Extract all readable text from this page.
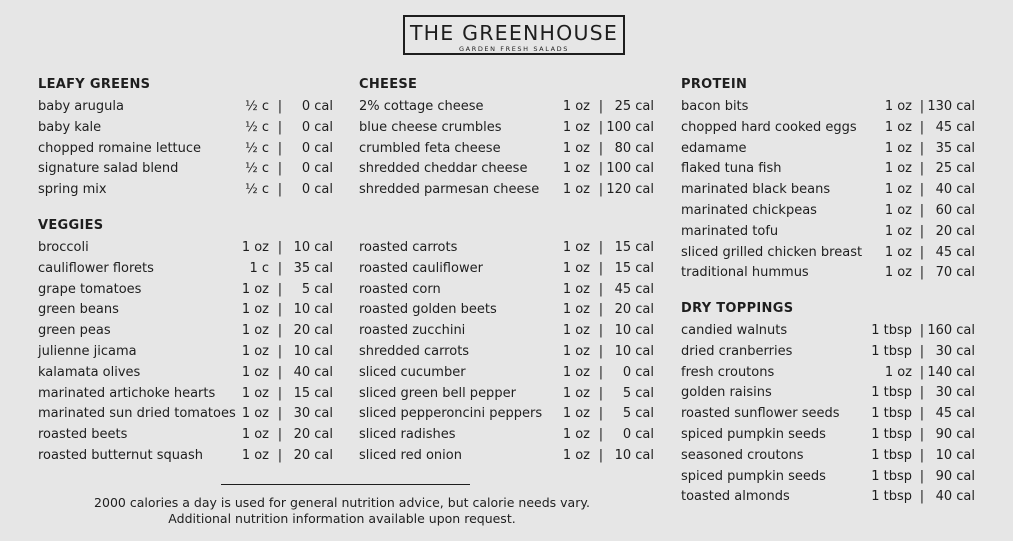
THE GREENHOUSE
GARDEN FRESH SALADS
LEAFY GREENS
baby arugula	½ c | 0 cal
baby kale	½ c | 0 cal
chopped romaine lettuce	½ c | 0 cal
signature salad blend	½ c | 0 cal
spring mix	½ c | 0 cal
CHEESE
2% cottage cheese	1 oz | 25 cal
blue cheese crumbles	1 oz | 100 cal
crumbled feta cheese	1 oz | 80 cal
shredded cheddar cheese	1 oz | 100 cal
shredded parmesan cheese 1 oz | 120 cal
PROTEIN
bacon bits	1 oz | 130 cal
chopped hard cooked eggs 1 oz | 45 cal
edamame	1 oz | 35 cal
flaked tuna fish	1 oz | 25 cal
marinated black beans	1 oz | 40 cal
marinated chickpeas	1 oz | 60 cal
marinated tofu	1 oz | 20 cal
sliced grilled chicken breast 1 oz | 45 cal
traditional hummus	1 oz | 70 cal
VEGGIES
broccoli	1 oz | 10 cal
cauliflower florets	1 c | 35 cal
grape tomatoes	1 oz | 5 cal
green beans	1 oz | 10 cal
green peas	1 oz | 20 cal
julienne jicama	1 oz | 10 cal
kalamata olives	1 oz | 40 cal
marinated artichoke hearts 1 oz | 15 cal
marinated sun dried tomatoes 1 oz | 30 cal
roasted beets	1 oz | 20 cal
roasted butternut squash	1 oz | 20 cal
roasted carrots	1 oz | 15 cal
roasted cauliflower	1 oz | 15 cal
roasted corn	1 oz | 45 cal
roasted golden beets	1 oz | 20 cal
roasted zucchini	1 oz | 10 cal
shredded carrots	1 oz | 10 cal
sliced cucumber	1 oz | 0 cal
sliced green bell pepper	1 oz | 5 cal
sliced pepperoncini peppers 1 oz | 5 cal
sliced radishes	1 oz | 0 cal
sliced red onion	1 oz | 10 cal
DRY TOPPINGS
candied walnuts	1 tbsp | 160 cal
dried cranberries	1 tbsp | 30 cal
fresh croutons	1 oz | 140 cal
golden raisins	1 tbsp | 30 cal
roasted sunflower seeds 1 tbsp | 45 cal
spiced pumpkin seeds	1 tbsp | 90 cal
seasoned croutons	1 tbsp | 10 cal
spiced pumpkin seeds	1 tbsp | 90 cal
toasted almonds	1 tbsp | 40 cal
2000 calories a day is used for general nutrition advice, but calorie needs vary.
Additional nutrition information available upon request.
